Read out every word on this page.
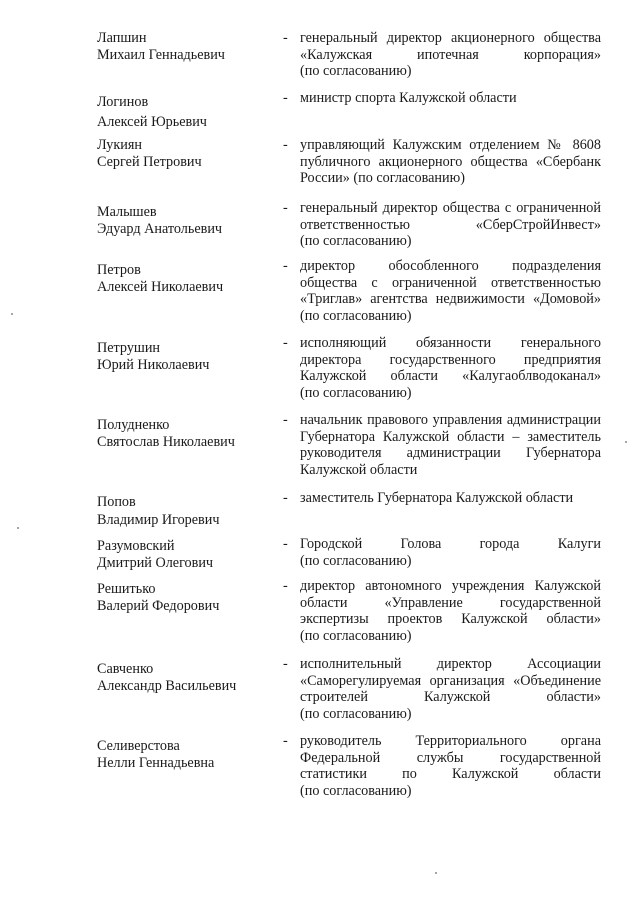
Лапшин
Михаил Геннадьевич
- генеральный директор акционерного общества
«Калужская ипотечная корпорация»
(по согласованию)
Логинов
Алексей Юрьевич
- министр спорта Калужской области
Лукиян
Сергей Петрович
- управляющий Калужским отделением № 8608
публичного акционерного общества «Сбербанк
России» (по согласованию)
Малышев
Эдуард Анатольевич
- генеральный директор общества с ограниченной
ответственностью «СберСтройИнвест»
(по согласованию)
Петров
Алексей Николаевич
- директор обособленного подразделения
общества с ограниченной ответственностью
«Триглав» агентства недвижимости «Домовой»
(по согласованию)
Петрушин
Юрий Николаевич
- исполняющий обязанности генерального
директора государственного предприятия
Калужской области «Калугаоблводоканал»
(по согласованию)
Полудненко
Святослав Николаевич
- начальник правового управления администрации
Губернатора Калужской области – заместитель
руководителя администрации Губернатора
Калужской области
Попов
Владимир Игоревич
- заместитель Губернатора Калужской области
Разумовский
Дмитрий Олегович
- Городской Голова города Калуги
(по согласованию)
Решитько
Валерий Федорович
- директор автономного учреждения Калужской
области «Управление государственной
экспертизы проектов Калужской области»
(по согласованию)
Савченко
Александр Васильевич
- исполнительный директор Ассоциации
«Саморегулируемая организация «Объединение
строителей Калужской области»
(по согласованию)
Селиверстова
Нелли Геннадьевна
- руководитель Территориального органа
Федеральной службы государственной
статистики по Калужской области
(по согласованию)
